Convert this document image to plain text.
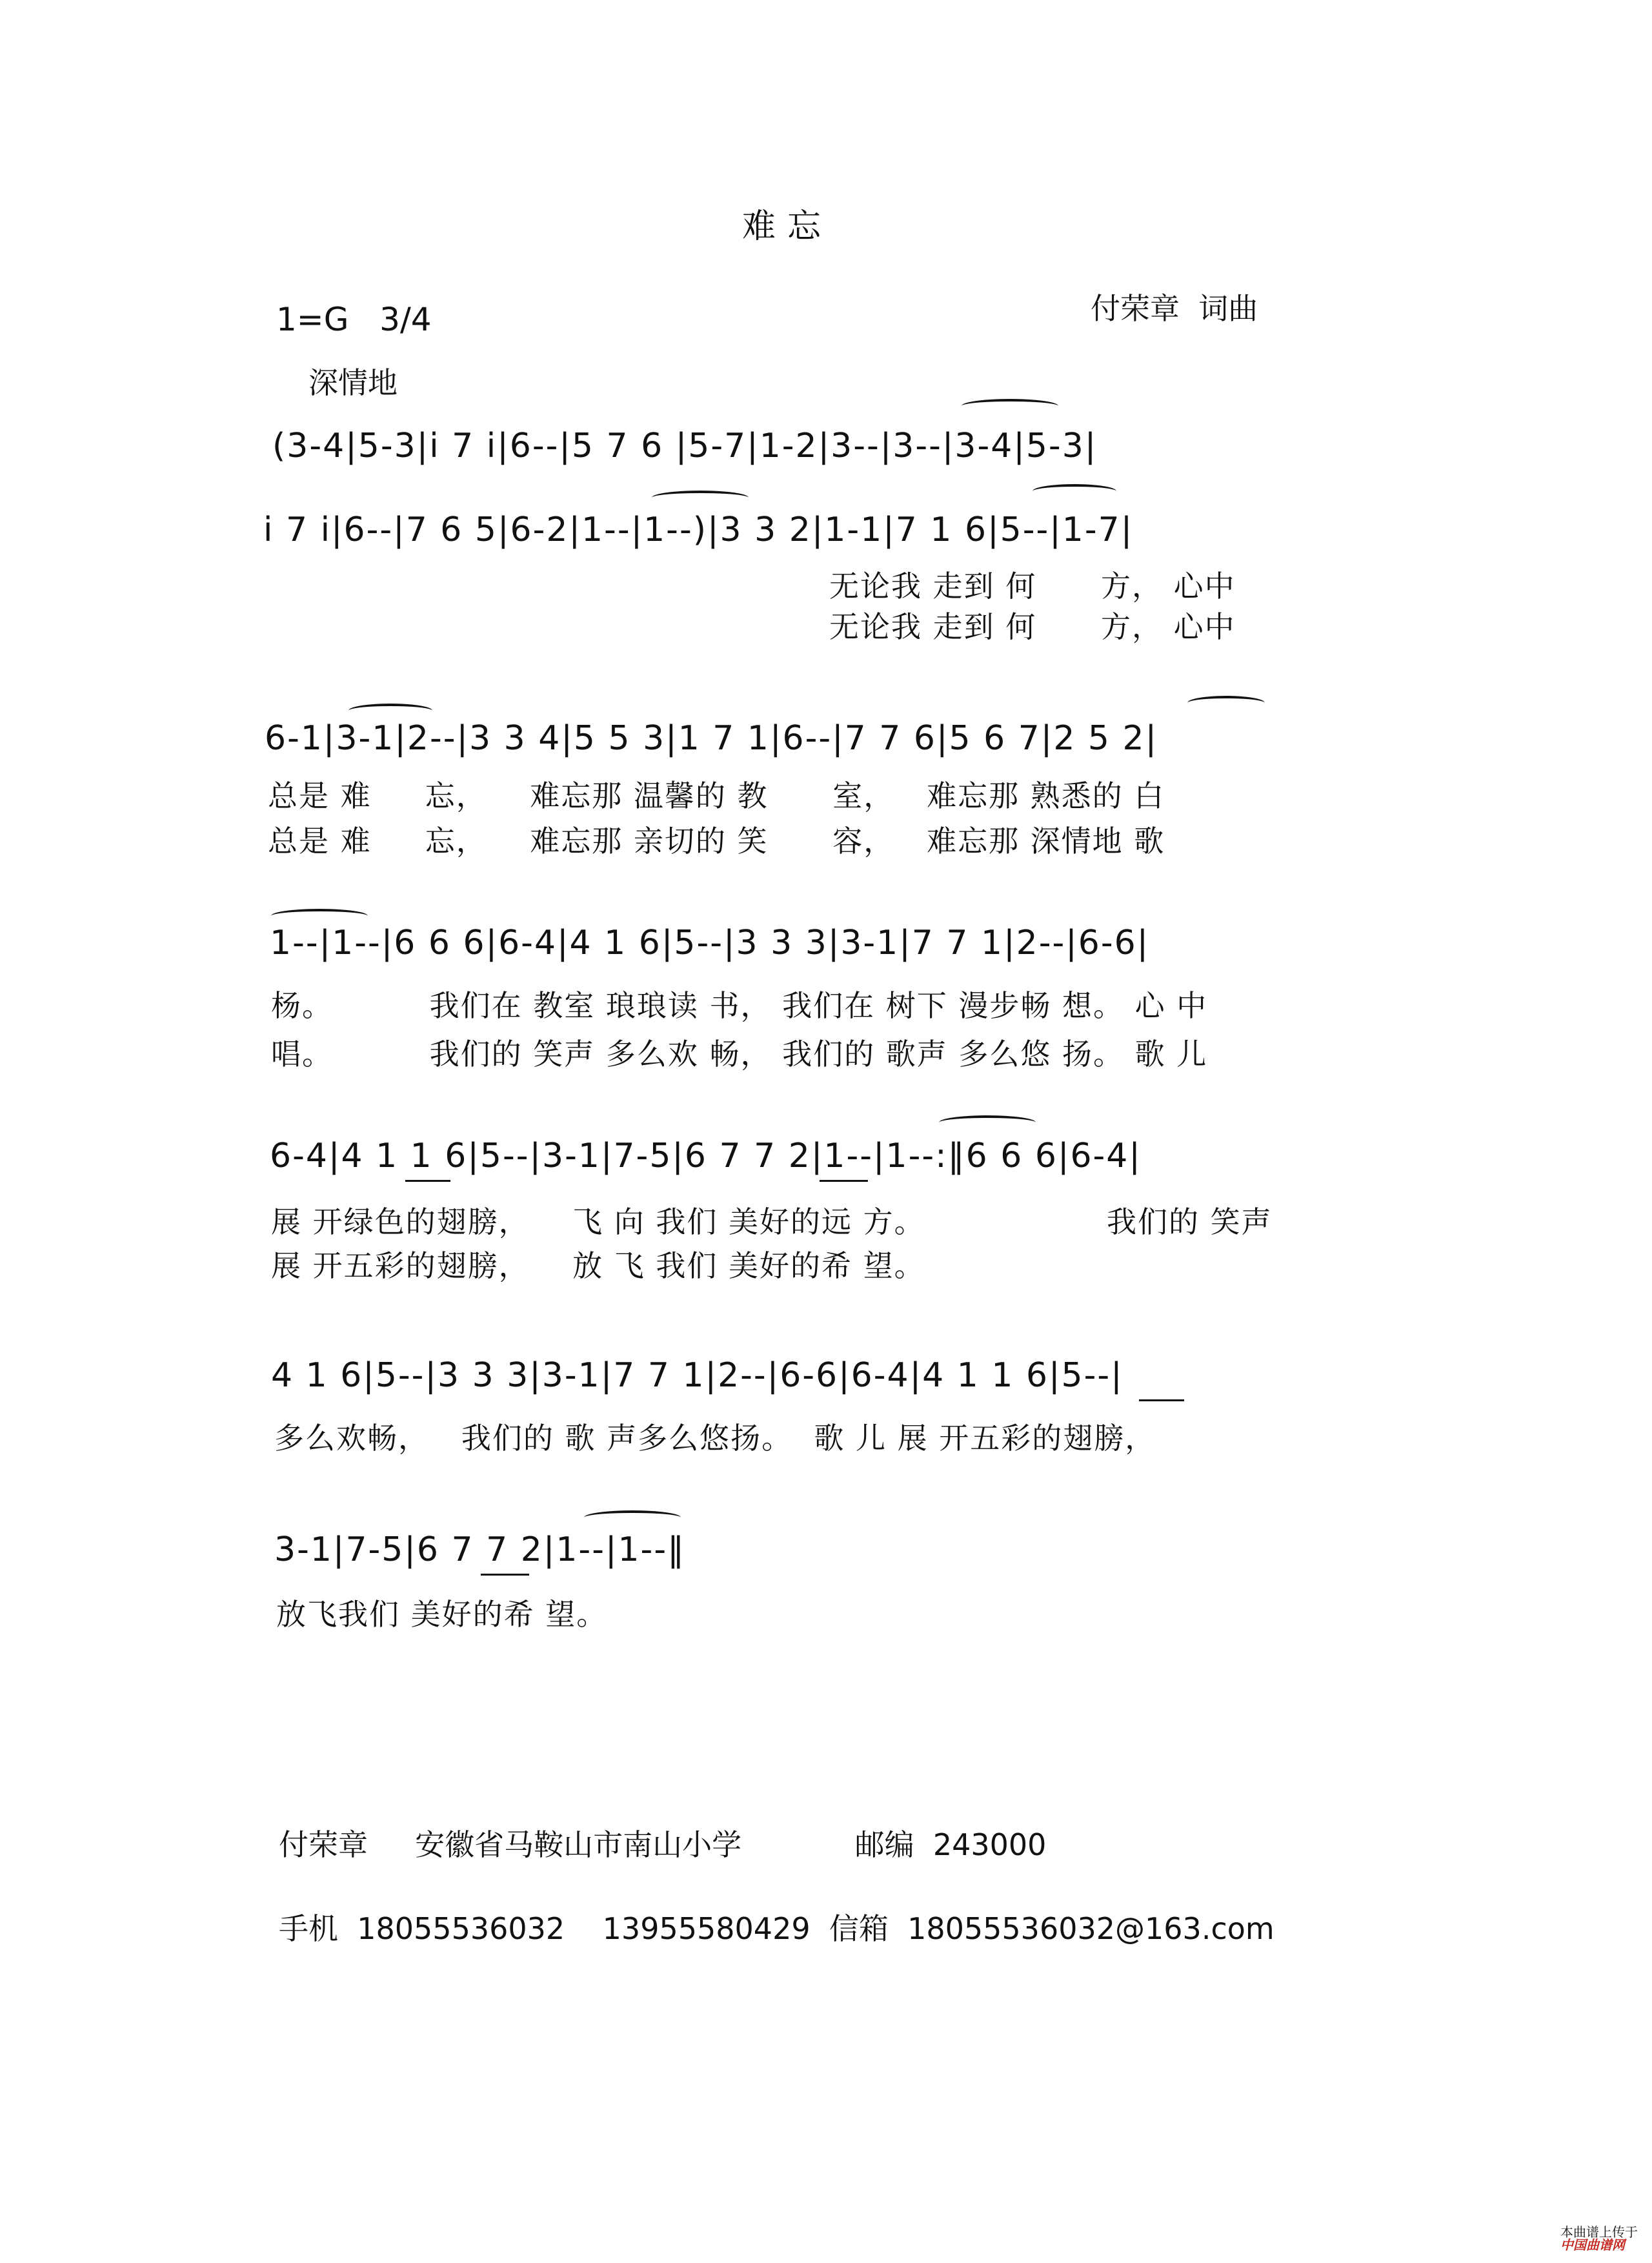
难忘
1=G   3/4	付荣章  词曲
深情地
(3-4|5-3|i 7 i|6--|5 7 6 |5-7|1-2|3--|3--|3-4|5-3|
i 7 i|6--|7 6 5|6-2|1--|1--)|3 3 2|1-1|7 1 6|5--|1-7|
无论我 走到 何      方， 心中
无论我 走到 何      方， 心中
6-1|3-1|2--|3 3 4|5 5 3|1 7 1|6--|7 7 6|5 6 7|2 5 2|
总是 难     忘，    难忘那 温馨的 教      室，   难忘那 熟悉的 白
总是 难     忘，    难忘那 亲切的 笑      容，   难忘那 深情地 歌
1--|1--|6 6 6|6-4|4 1 6|5--|3 3 3|3-1|7 7 1|2--|6-6|
杨。         我们在 教室 琅琅读 书， 我们在 树下 漫步畅 想。 心 中
唱。         我们的 笑声 多么欢 畅， 我们的 歌声 多么悠 扬。 歌 儿
6-4|4 1 1 6|5--|3-1|7-5|6 7 7 2|1--|1--:‖6 6 6|6-4|
展 开绿色的翅膀，    飞 向 我们 美好的远 方。
展 开五彩的翅膀，    放 飞 我们 美好的希 望。
我们的 笑声
4 1 6|5--|3 3 3|3-1|7 7 1|2--|6-6|6-4|4 1 1 6|5--|
多么欢畅，   我们的 歌 声多么悠扬。  歌 儿 展 开五彩的翅膀，
3-1|7-5|6 7 7 2|1--|1--‖
放飞我们 美好的希 望。
付荣章     安徽省马鞍山市南山小学            邮编  243000
手机  18055536032    13955580429  信箱  18055536032@163.com

本曲谱上传于
中国曲谱网
